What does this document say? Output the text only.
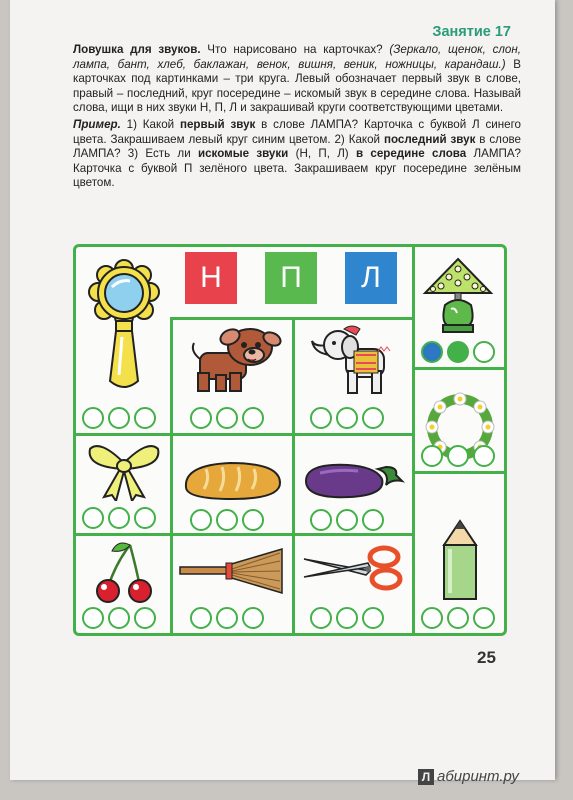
Занятие 17

Ловушка для звуков. Что нарисовано на карточках? (Зеркало, щенок, слон, лампа, бант, хлеб, баклажан, венок, вишня, веник, ножницы, карандаш.) В карточках под картинками – три круга. Левый обозначает первый звук в слове, правый – последний, круг посередине – искомый звук в середине слова. Называй слова, ищи в них звуки Н, П, Л и закрашивай круги соответствующими цветами.

Пример. 1) Какой первый звук в слове ЛАМПА? Карточка с буквой Л синего цвета. Закрашиваем левый круг синим цветом. 2) Какой последний звук в слове ЛАМПА? 3) Есть ли искомые звуки (Н, П, Л) в середине слова ЛАМПА? Карточка с буквой П зелёного цвета. Закрашиваем круг посередине зелёным цветом.

Н П Л
25
Л абиринт.ру
